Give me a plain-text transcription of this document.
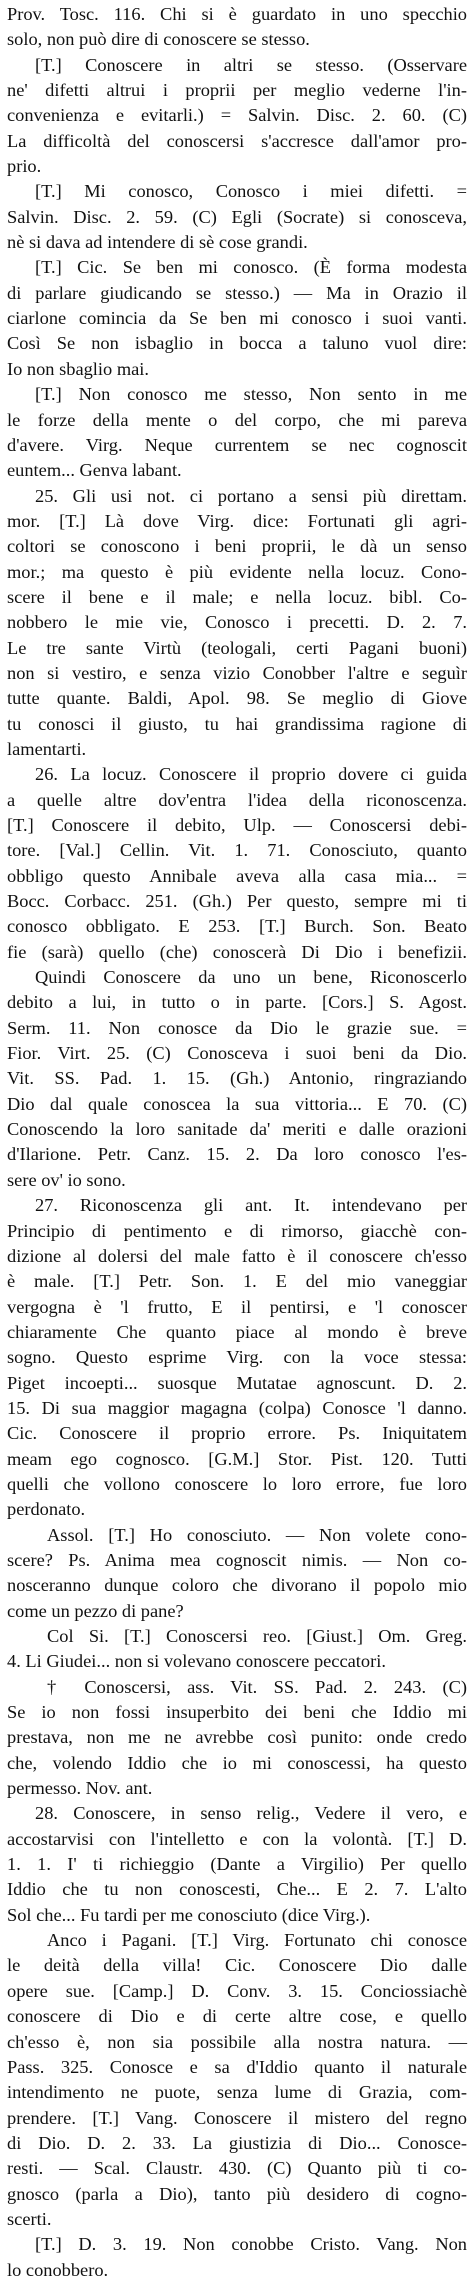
Prov. Tosc. 116. Chi si è guardato in uno specchio
solo, non può dire di conoscere se stesso.
[T.] Conoscere in altri se stesso. (Osservare
ne' difetti altrui i proprii per meglio vederne l'in-
convenienza e evitarli.) = Salvin. Disc. 2. 60. (C)
La difficoltà del conoscersi s'accresce dall'amor pro-
prio.
[T.] Mi conosco, Conosco i miei difetti. =
Salvin. Disc. 2. 59. (C) Egli (Socrate) si conosceva,
nè si dava ad intendere di sè cose grandi.
[T.] Cic. Se ben mi conosco. (È forma modesta
di parlare giudicando se stesso.) — Ma in Orazio il
ciarlone comincia da Se ben mi conosco i suoi vanti.
Così Se non isbaglio in bocca a taluno vuol dire:
Io non sbaglio mai.
[T.] Non conosco me stesso, Non sento in me
le forze della mente o del corpo, che mi pareva
d'avere. Virg. Neque currentem se nec cognoscit
euntem... Genva labant.
25. Gli usi not. ci portano a sensi più direttam.
mor. [T.] Là dove Virg. dice: Fortunati gli agri-
coltori se conoscono i beni proprii, le dà un senso
mor.; ma questo è più evidente nella locuz. Cono-
scere il bene e il male; e nella locuz. bibl. Co-
nobbero le mie vie, Conosco i precetti. D. 2. 7.
Le tre sante Virtù (teologali, certi Pagani buoni)
non si vestiro, e senza vizio Conobber l'altre e seguìr
tutte quante. Baldi, Apol. 98. Se meglio di Giove
tu conosci il giusto, tu hai grandissima ragione di
lamentarti.
26. La locuz. Conoscere il proprio dovere ci guida
a quelle altre dov'entra l'idea della riconoscenza.
[T.] Conoscere il debito, Ulp. — Conoscersi debi-
tore. [Val.] Cellin. Vit. 1. 71. Conosciuto, quanto
obbligo questo Annibale aveva alla casa mia... =
Bocc. Corbacc. 251. (Gh.) Per questo, sempre mi ti
conosco obbligato. E 253. [T.] Burch. Son. Beato
fie (sarà) quello (che) conoscerà Di Dio i benefizii.
Quindi Conoscere da uno un bene, Riconoscerlo
debito a lui, in tutto o in parte. [Cors.] S. Agost.
Serm. 11. Non conosce da Dio le grazie sue. =
Fior. Virt. 25. (C) Conosceva i suoi beni da Dio.
Vit. SS. Pad. 1. 15. (Gh.) Antonio, ringraziando
Dio dal quale conoscea la sua vittoria... E 70. (C)
Conoscendo la loro sanitade da' meriti e dalle orazioni
d'Ilarione. Petr. Canz. 15. 2. Da loro conosco l'es-
sere ov' io sono.
27. Riconoscenza gli ant. It. intendevano per
Principio di pentimento e di rimorso, giacchè con-
dizione al dolersi del male fatto è il conoscere ch'esso
è male. [T.] Petr. Son. 1. E del mio vaneggiar
vergogna è 'l frutto, E il pentirsi, e 'l conoscer
chiaramente Che quanto piace al mondo è breve
sogno. Questo esprime Virg. con la voce stessa:
Piget incoepti... suosque Mutatae agnoscunt. D. 2.
15. Di sua maggior magagna (colpa) Conosce 'l danno.
Cic. Conoscere il proprio errore. Ps. Iniquitatem
meam ego cognosco. [G.M.] Stor. Pist. 120. Tutti
quelli che vollono conoscere lo loro errore, fue loro
perdonato.
Assol. [T.] Ho conosciuto. — Non volete cono-
scere? Ps. Anima mea cognoscit nimis. — Non co-
nosceranno dunque coloro che divorano il popolo mio
come un pezzo di pane?
Col Si. [T.] Conoscersi reo. [Giust.] Om. Greg.
4. Li Giudei... non si volevano conoscere peccatori.
† Conoscersi, ass. Vit. SS. Pad. 2. 243. (C)
Se io non fossi insuperbito dei beni che Iddio mi
prestava, non me ne avrebbe così punito: onde credo
che, volendo Iddio che io mi conoscessi, ha questo
permesso. Nov. ant.
28. Conoscere, in senso relig., Vedere il vero, e
accostarvisi con l'intelletto e con la volontà. [T.] D.
1. 1. I' ti richieggio (Dante a Virgilio) Per quello
Iddio che tu non conoscesti, Che... E 2. 7. L'alto
Sol che... Fu tardi per me conosciuto (dice Virg.).
Anco i Pagani. [T.] Virg. Fortunato chi conosce
le deità della villa! Cic. Conoscere Dio dalle
opere sue. [Camp.] D. Conv. 3. 15. Conciossiachè
conoscere di Dio e di certe altre cose, e quello
ch'esso è, non sia possibile alla nostra natura. —
Pass. 325. Conosce e sa d'Iddio quanto il naturale
intendimento ne puote, senza lume di Grazia, com-
prendere. [T.] Vang. Conoscere il mistero del regno
di Dio. D. 2. 33. La giustizia di Dio... Conosce-
resti. — Scal. Claustr. 430. (C) Quanto più ti co-
gnosco (parla a Dio), tanto più desidero di cogno-
scerti.
[T.] D. 3. 19. Non conobbe Cristo. Vang. Non
lo conobbero.
